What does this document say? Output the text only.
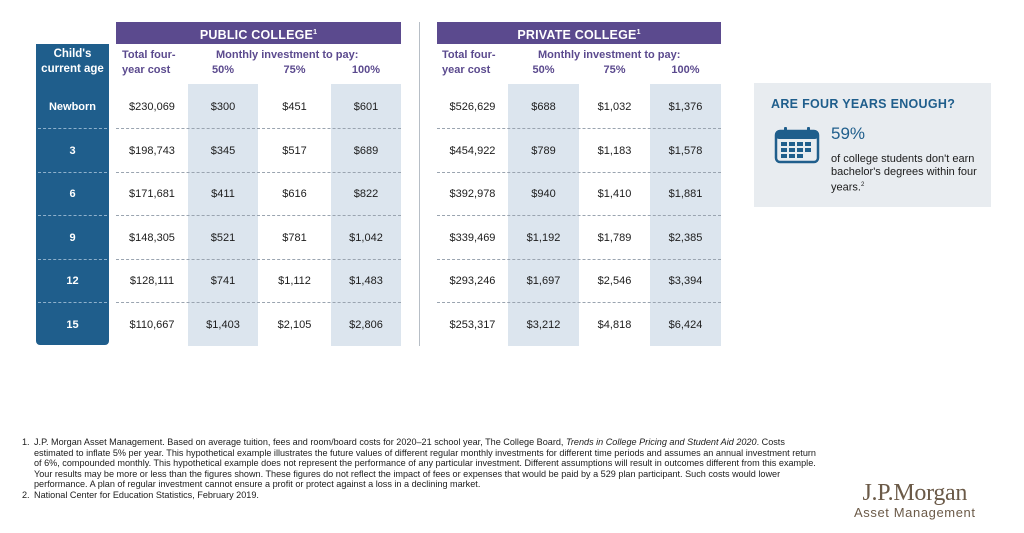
PUBLIC COLLEGE$^1$	PRIVATE COLLEGE$^1$
Child's
current age
Total four-
year cost
Monthly investment to pay:
50%	75%	100%
Total four-
year cost
Monthly investment to pay:
50%	75%	100%
Newborn	$230,069	$300	$451	$601	$526,629	$688	$1,032	$1,376
3	$198,743	$345	$517	$689	$454,922	$789	$1,183	$1,578
6	$171,681	$411	$616	$822	$392,978	$940	$1,410	$1,881
9	$148,305	$521	$781	$1,042	$339,469	$1,192	$1,789	$2,385
12	$128,111	$741	$1,112	$1,483	$293,246	$1,697	$2,546	$3,394
15	$110,667	$1,403	$2,105	$2,806	$253,317	$3,212	$4,818	$6,424
ARE FOUR YEARS ENOUGH?
59%
of college students don't earn bachelor's degrees within four years.$^2$
1. J.P. Morgan Asset Management. Based on average tuition, fees and room/board costs for 2020–21 school year, The College Board, Trends in College Pricing and Student Aid 2020. Costs estimated to inflate 5% per year. This hypothetical example illustrates the future values of different regular monthly investments for different time periods and assumes an annual investment return of 6%, compounded monthly. This hypothetical example does not represent the performance of any particular investment. Different assumptions will result in outcomes different from this example. Your results may be more or less than the figures shown. These figures do not reflect the impact of fees or expenses that would be paid by a 529 plan participant. Such costs would lower performance. A plan of regular investment cannot ensure a profit or protect against a loss in a declining market.
2. National Center for Education Statistics, February 2019.	J.P.Morgan
Asset Management
